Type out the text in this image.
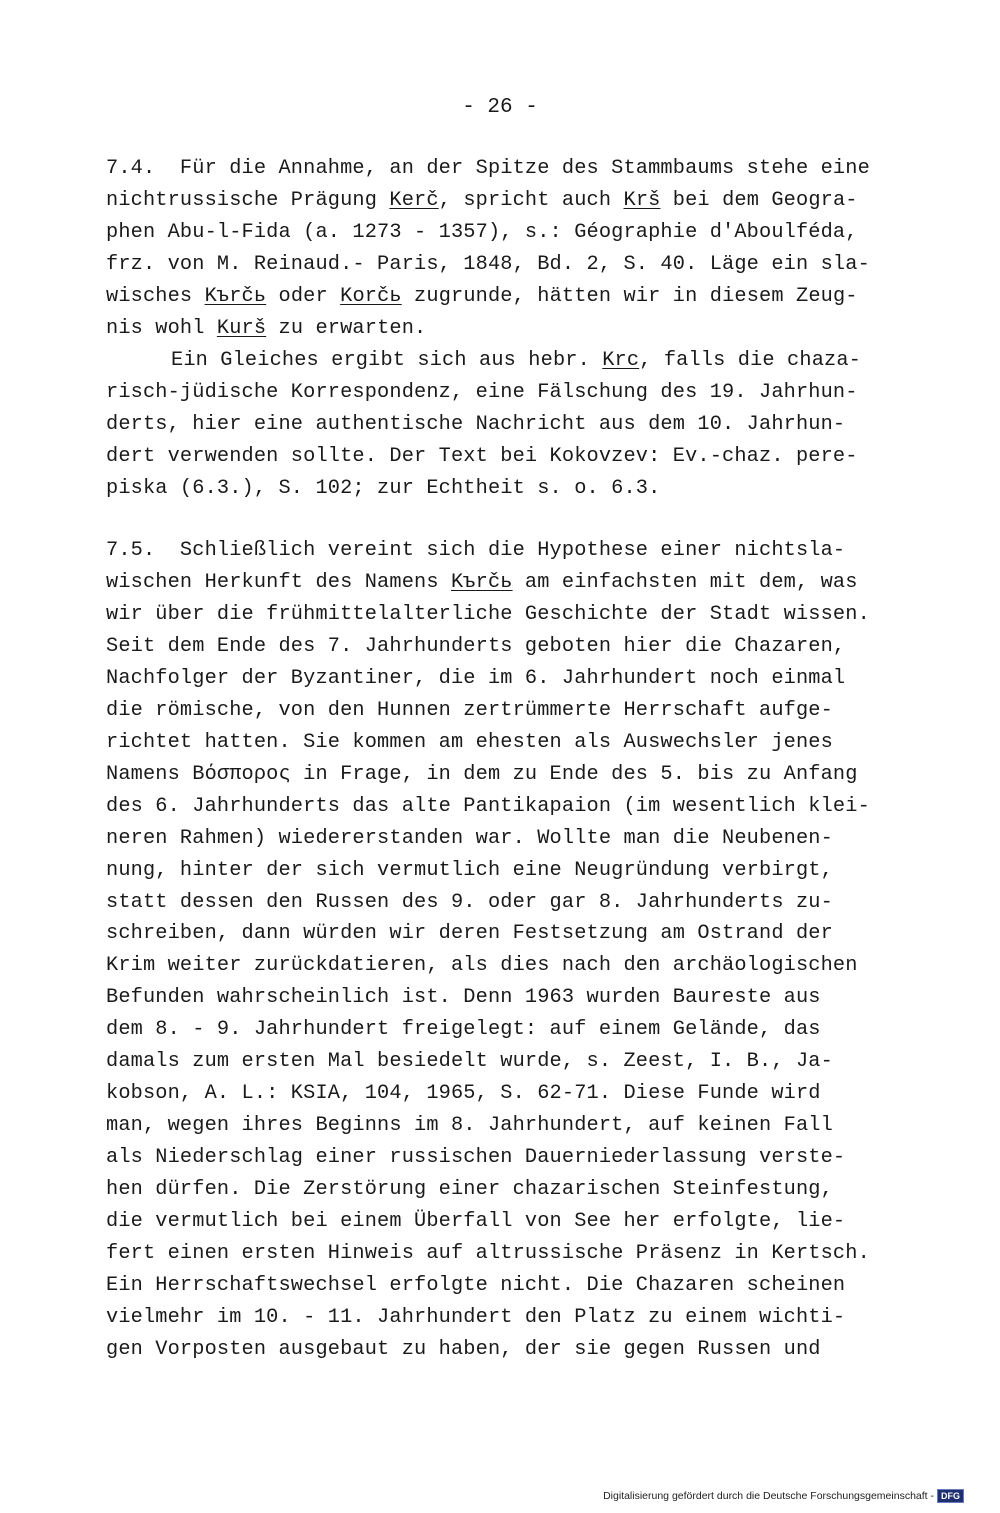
- 26 -
7.4.  Für die Annahme, an der Spitze des Stammbaums stehe eine
nichtrussische Prägung Kerč, spricht auch Krš bei dem Geogra-
phen Abu-l-Fida (a. 1273 - 1357), s.: Géographie d'Aboulféda,
frz. von M. Reinaud.- Paris, 1848, Bd. 2, S. 40. Läge ein sla-
wisches Kъrčь oder Korčь zugrunde, hätten wir in diesem Zeug-
nis wohl Kurš zu erwarten.
Ein Gleiches ergibt sich aus hebr. Krc, falls die chaza-
risch-jüdische Korrespondenz, eine Fälschung des 19. Jahrhun-
derts, hier eine authentische Nachricht aus dem 10. Jahrhun-
dert verwenden sollte. Der Text bei Kokovzev: Ev.-chaz. pere-
piska (6.3.), S. 102; zur Echtheit s. o. 6.3.
7.5.  Schließlich vereint sich die Hypothese einer nichtsla-
wischen Herkunft des Namens Kъrčь am einfachsten mit dem, was
wir über die frühmittelalterliche Geschichte der Stadt wissen.
Seit dem Ende des 7. Jahrhunderts geboten hier die Chazaren,
Nachfolger der Byzantiner, die im 6. Jahrhundert noch einmal
die römische, von den Hunnen zertrümmerte Herrschaft aufge-
richtet hatten. Sie kommen am ehesten als Auswechsler jenes
Namens Βόσπορος in Frage, in dem zu Ende des 5. bis zu Anfang
des 6. Jahrhunderts das alte Pantikapaion (im wesentlich klei-
neren Rahmen) wiedererstanden war. Wollte man die Neubenen-
nung, hinter der sich vermutlich eine Neugründung verbirgt,
statt dessen den Russen des 9. oder gar 8. Jahrhunderts zu-
schreiben, dann würden wir deren Festsetzung am Ostrand der
Krim weiter zurückdatieren, als dies nach den archäologischen
Befunden wahrscheinlich ist. Denn 1963 wurden Baureste aus
dem 8. - 9. Jahrhundert freigelegt: auf einem Gelände, das
damals zum ersten Mal besiedelt wurde, s. Zeest, I. B., Ja-
kobson, A. L.: KSIA, 104, 1965, S. 62-71. Diese Funde wird
man, wegen ihres Beginns im 8. Jahrhundert, auf keinen Fall
als Niederschlag einer russischen Dauerniederlassung verste-
hen dürfen. Die Zerstörung einer chazarischen Steinfestung,
die vermutlich bei einem Überfall von See her erfolgte, lie-
fert einen ersten Hinweis auf altrussische Präsenz in Kertsch.
Ein Herrschaftswechsel erfolgte nicht. Die Chazaren scheinen
vielmehr im 10. - 11. Jahrhundert den Platz zu einem wichti-
gen Vorposten ausgebaut zu haben, der sie gegen Russen und
Digitalisierung gefördert durch die Deutsche Forschungsgemeinschaft - DFG
